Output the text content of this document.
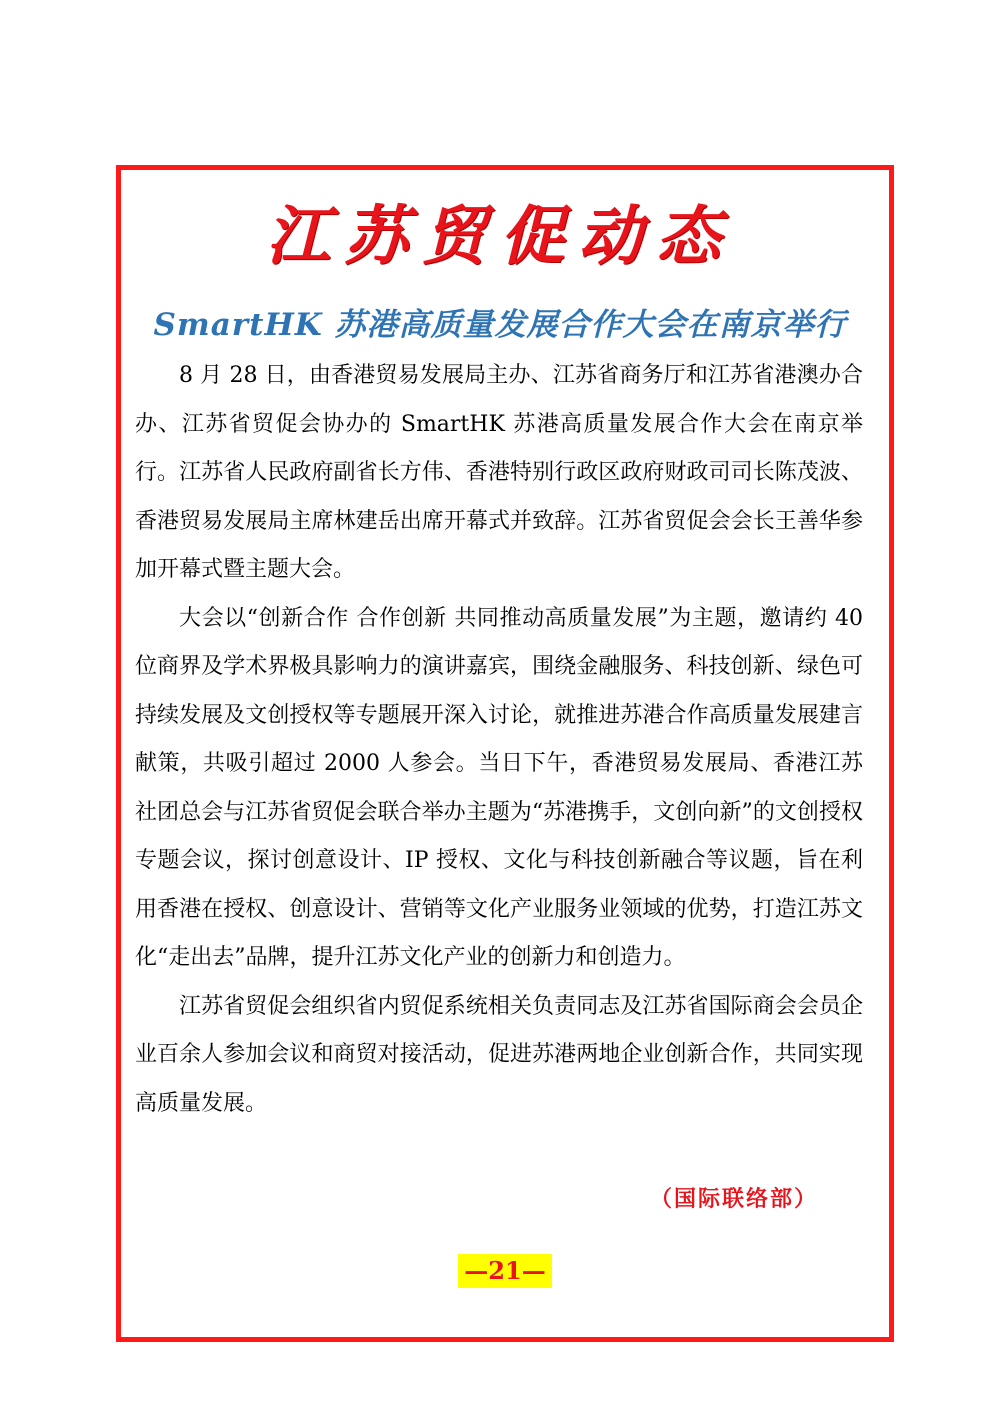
江苏贸促动态
SmartHK 苏港高质量发展合作大会在南京举行

8 月 28 日，由香港贸易发展局主办、江苏省商务厅和江苏省港澳办合办、江苏省贸促会协办的 SmartHK 苏港高质量发展合作大会在南京举行。江苏省人民政府副省长方伟、香港特别行政区政府财政司司长陈茂波、香港贸易发展局主席林建岳出席开幕式并致辞。江苏省贸促会会长王善华参加开幕式暨主题大会。

大会以“创新合作 合作创新 共同推动高质量发展”为主题，邀请约 40 位商界及学术界极具影响力的演讲嘉宾，围绕金融服务、科技创新、绿色可持续发展及文创授权等专题展开深入讨论，就推进苏港合作高质量发展建言献策，共吸引超过 2000 人参会。当日下午，香港贸易发展局、香港江苏社团总会与江苏省贸促会联合举办主题为“苏港携手，文创向新”的文创授权专题会议，探讨创意设计、IP 授权、文化与科技创新融合等议题，旨在利用香港在授权、创意设计、营销等文化产业服务业领域的优势，打造江苏文化“走出去”品牌，提升江苏文化产业的创新力和创造力。

江苏省贸促会组织省内贸促系统相关负责同志及江苏省国际商会会员企业百余人参加会议和商贸对接活动，促进苏港两地企业创新合作，共同实现高质量发展。

（国际联络部）
—21—
